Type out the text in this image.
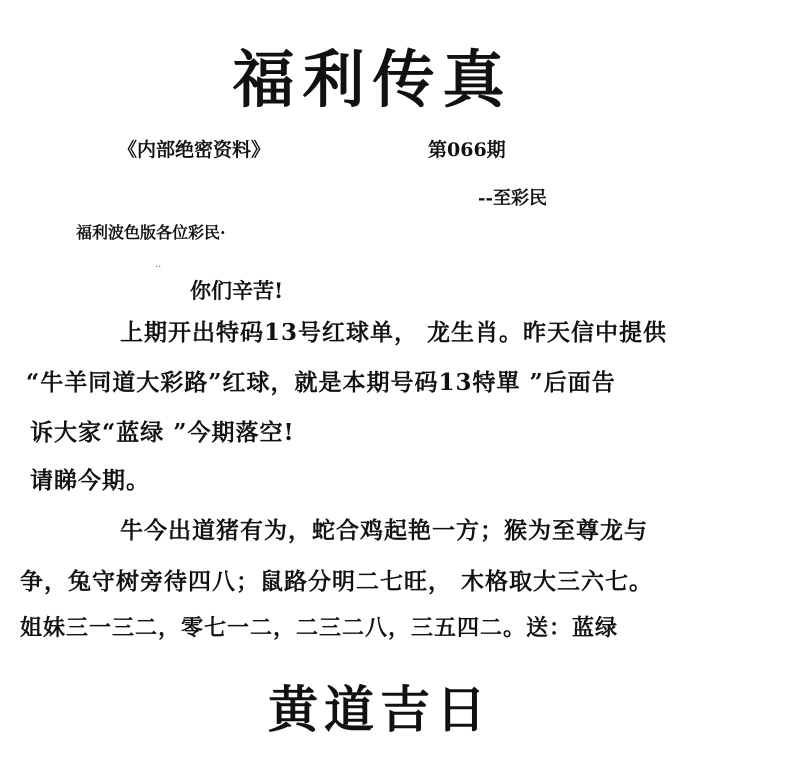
福利传真
《内部绝密资料》	第066期
--至彩民
福利波色版各位彩民·
··
你们辛苦!
上期开出特码13号红球单， 龙生肖。昨天信中提供
“牛羊同道大彩路”红球，就是本期号码13特單 ”后面告
诉大家“蓝绿 ”今期落空!
请睇今期。
牛今出道猪有为，蛇合鸡起艳一方；猴为至尊龙与
争，兔守树旁待四八；鼠路分明二七旺， 木格取大三六七。
姐妹三一三二，零七一二，二三二八，三五四二。送：蓝绿
黄道吉日
